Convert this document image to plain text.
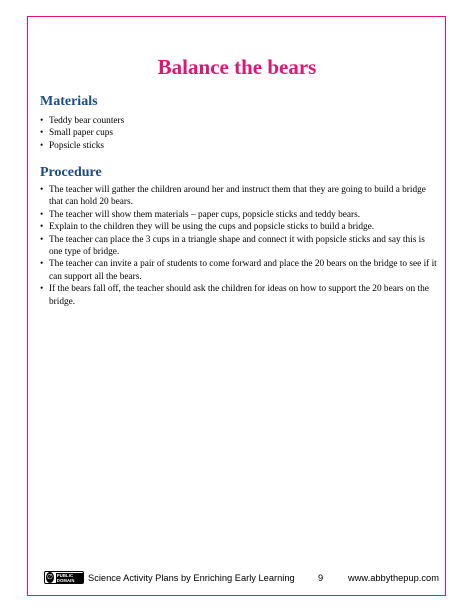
Balance the bears
Materials
• Teddy bear counters
• Small paper cups
• Popsicle sticks
Procedure
• The teacher will gather the children around her and instruct them that they are going to build a bridge that can hold 20 bears.
• The teacher will show them materials – paper cups, popsicle sticks and teddy bears.
• Explain to the children they will be using the cups and popsicle sticks to build a bridge.
• The teacher can place the 3 cups in a triangle shape and connect it with popsicle sticks and say this is one type of bridge.
• The teacher can invite a pair of students to come forward and place the 20 bears on the bridge to see if it can support all the bears.
• If the bears fall off, the teacher should ask the children for ideas on how to support the 20 bears on the bridge.
∅ PUBLIC DOMAIN	Science Activity Plans by Enriching Early Learning	9	www.abbythepup.com
